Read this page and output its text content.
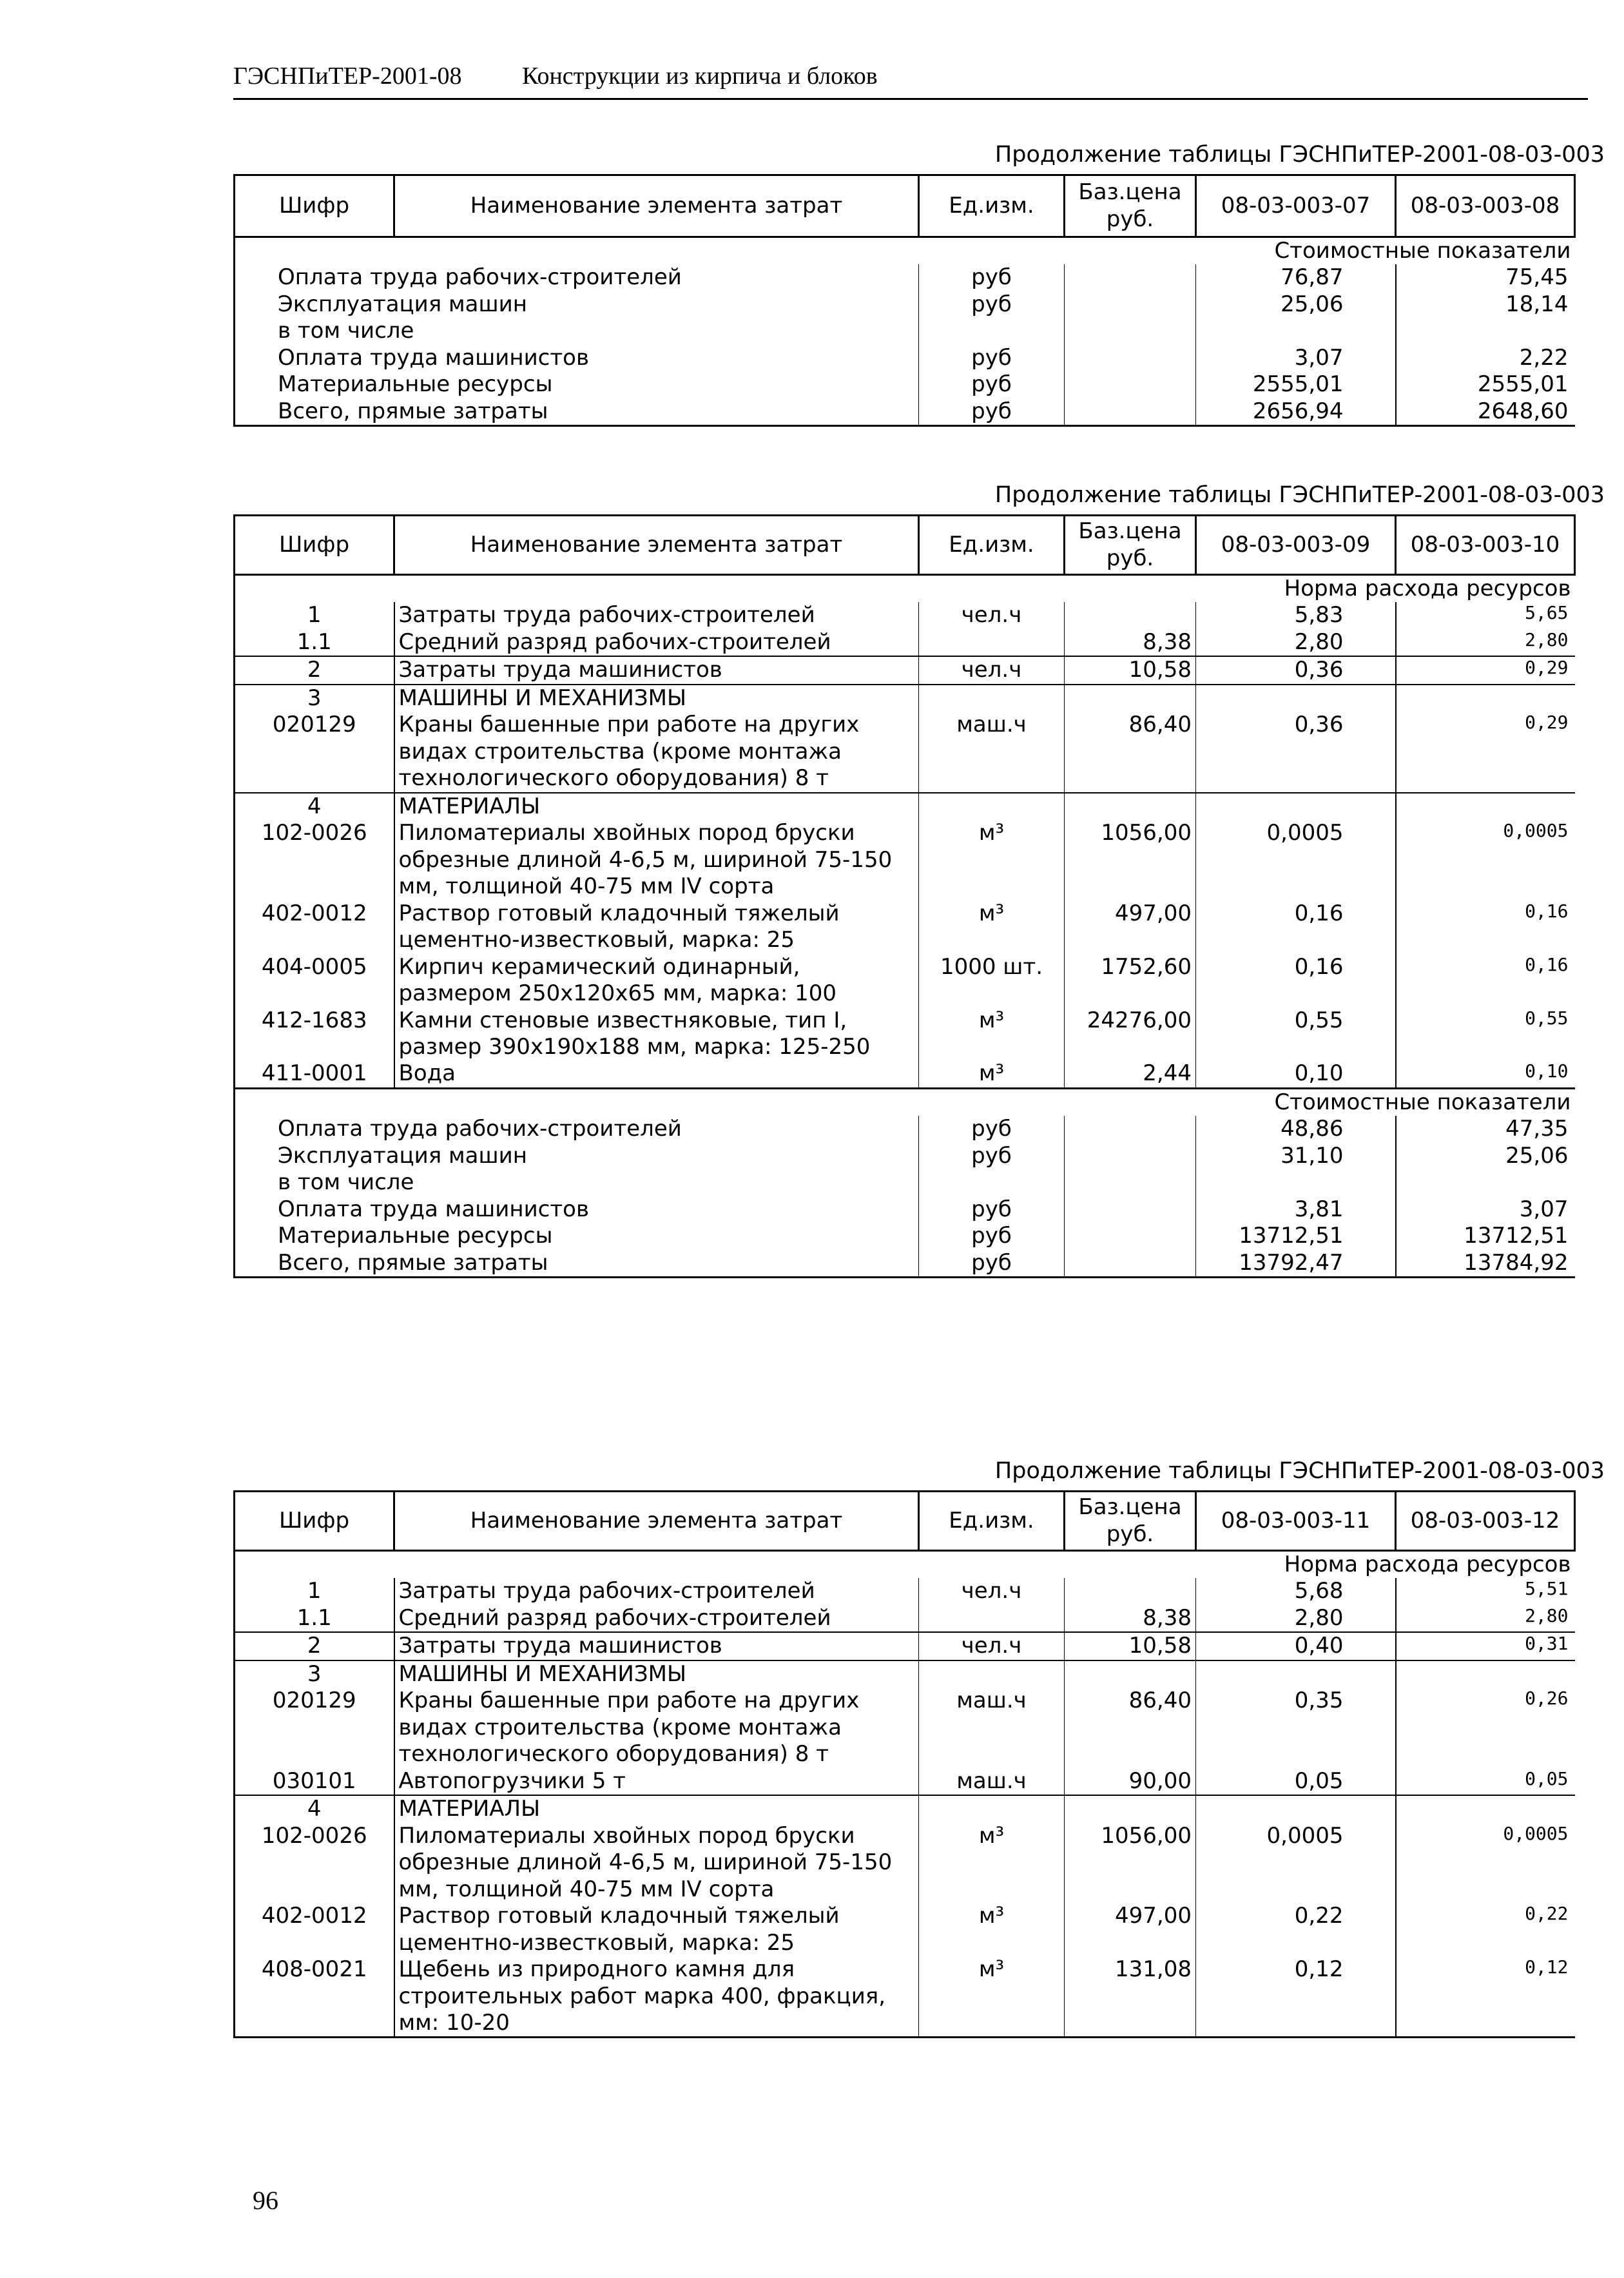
ГЭСНПиТЕР-2001-08 Конструкции из кирпича и блоков
Продолжение таблицы ГЭСНПиТЕР-2001-08-03-003
Шифр	Наименование элемента затрат	Ед.изм.	Баз.цена руб.	08-03-003-07	08-03-003-08
Стоимостные показатели					
Оплата труда рабочих-строителей		руб		76,87	75,45
Эксплуатация машин		руб		25,06	18,14
в том числе					
Оплата труда машинистов		руб		3,07	2,22
Материальные ресурсы		руб		2555,01	2555,01
Всего, прямые затраты		руб		2656,94	2648,60
Продолжение таблицы ГЭСНПиТЕР-2001-08-03-003
Шифр	Наименование элемента затрат	Ед.изм.	Баз.цена руб.	08-03-003-09	08-03-003-10
Норма расхода ресурсов					
1	Затраты труда рабочих-строителей	чел.ч		5,83	5,65
1.1	Средний разряд рабочих-строителей		8,38	2,80	2,80
2	Затраты труда машинистов	чел.ч	10,58	0,36	0,29
3	МАШИНЫ И МЕХАНИЗМЫ				
020129	Краны башенные при работе на других видах строительства (кроме монтажа технологического оборудования) 8 т	маш.ч	86,40	0,36	0,29
4	МАТЕРИАЛЫ				
102-0026	Пиломатериалы хвойных пород бруски обрезные длиной 4-6,5 м, шириной 75-150 мм, толщиной 40-75 мм IV сорта	м³	1056,00	0,0005	0,0005
402-0012	Раствор готовый кладочный тяжелый цементно-известковый, марка: 25	м³	497,00	0,16	0,16
404-0005	Кирпич керамический одинарный, размером 250x120x65 мм, марка: 100	1000 шт.	1752,60	0,16	0,16
412-1683	Камни стеновые известняковые, тип I, размер 390x190x188 мм, марка: 125-250	м³	24276,00	0,55	0,55
411-0001	Вода	м³	2,44	0,10	0,10
Стоимостные показатели					
Оплата труда рабочих-строителей		руб		48,86	47,35
Эксплуатация машин		руб		31,10	25,06
в том числе					
Оплата труда машинистов		руб		3,81	3,07
Материальные ресурсы		руб		13712,51	13712,51
Всего, прямые затраты		руб		13792,47	13784,92
Продолжение таблицы ГЭСНПиТЕР-2001-08-03-003
Шифр	Наименование элемента затрат	Ед.изм.	Баз.цена руб.	08-03-003-11	08-03-003-12
Норма расхода ресурсов					
1	Затраты труда рабочих-строителей	чел.ч		5,68	5,51
1.1	Средний разряд рабочих-строителей		8,38	2,80	2,80
2	Затраты труда машинистов	чел.ч	10,58	0,40	0,31
3	МАШИНЫ И МЕХАНИЗМЫ				
020129	Краны башенные при работе на других видах строительства (кроме монтажа технологического оборудования) 8 т	маш.ч	86,40	0,35	0,26
030101	Автопогрузчики 5 т	маш.ч	90,00	0,05	0,05
4	МАТЕРИАЛЫ				
102-0026	Пиломатериалы хвойных пород бруски обрезные длиной 4-6,5 м, шириной 75-150 мм, толщиной 40-75 мм IV сорта	м³	1056,00	0,0005	0,0005
402-0012	Раствор готовый кладочный тяжелый цементно-известковый, марка: 25	м³	497,00	0,22	0,22
408-0021	Щебень из природного камня для строительных работ марка 400, фракция, мм: 10-20	м³	131,08	0,12	0,12
96
